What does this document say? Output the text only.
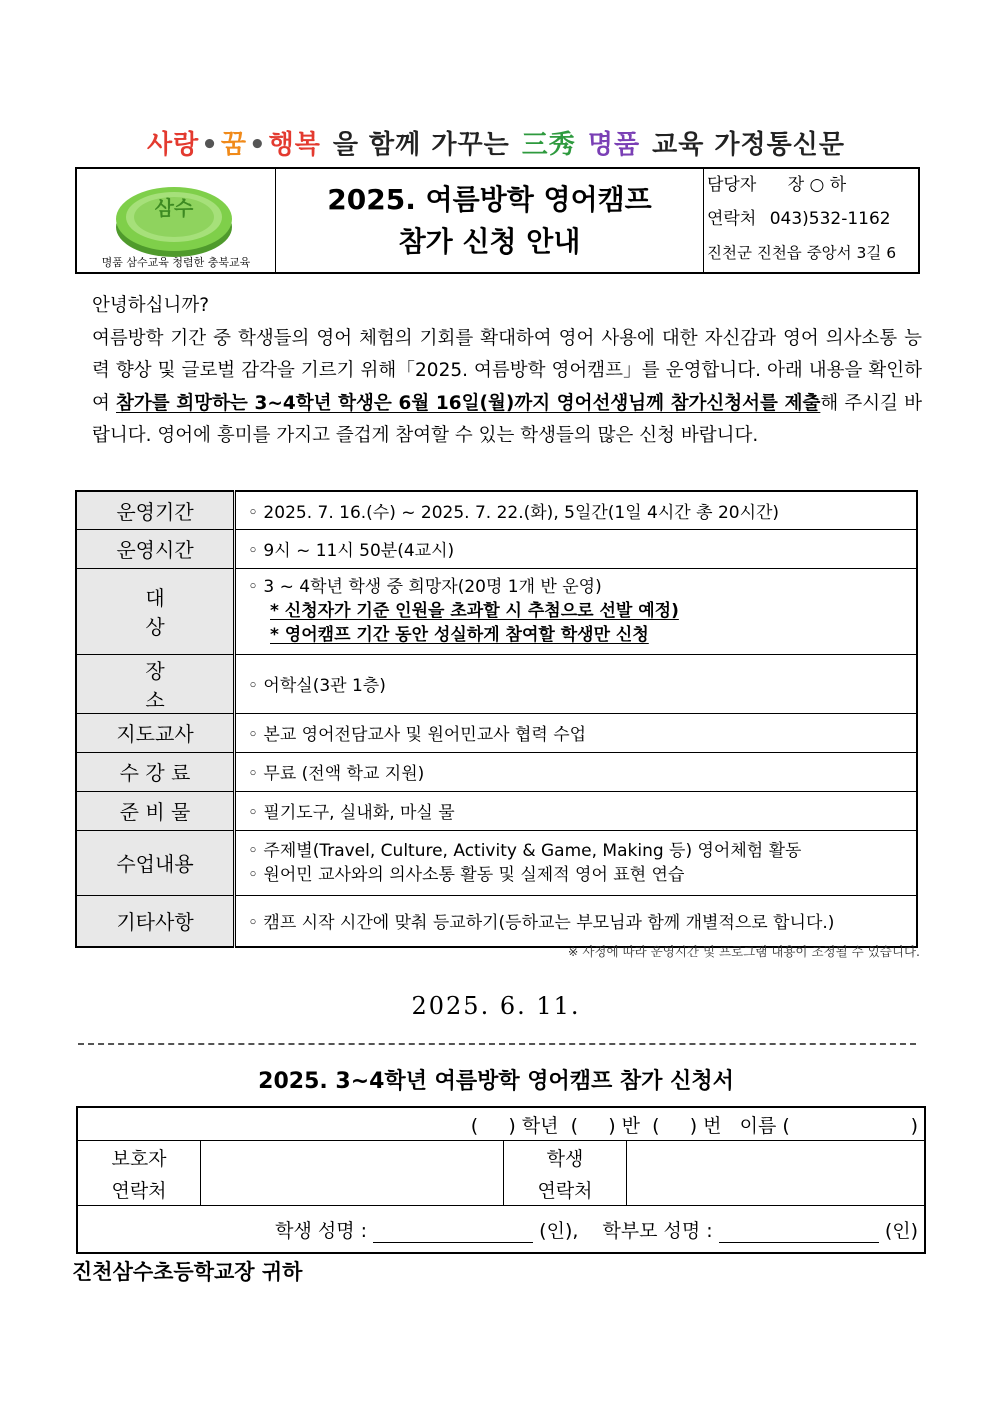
사랑•꿈•행복 을 함께 가꾸는 三秀 명품 교육 가정통신문
삼수
명품 삼수교육 청렴한 충북교육
2025. 여름방학 영어캠프
참가 신청 안내
담당자 장 ○ 하
연락처 043)532-1162
진천군 진천읍 중앙서 3길 6

안녕하십니까?

여름방학 기간 중 학생들의 영어 체험의 기회를 확대하여 영어 사용에 대한 자신감과 영어 의사소통 능력 향상 및 글로벌 감각을 기르기 위해「2025. 여름방학 영어캠프」를 운영합니다. 아래 내용을 확인하여 참가를 희망하는 3~4학년 학생은 6월 16일(월)까지 영어선생님께 참가신청서를 제출해 주시길 바랍니다. 영어에 흥미를 가지고 즐겁게 참여할 수 있는 학생들의 많은 신청 바랍니다.

운영기간	◦ 2025. 7. 16.(수) ~ 2025. 7. 22.(화), 5일간(1일 4시간 총 20시간)
운영시간	◦ 9시 ~ 11시 50분(4교시)
대 상	◦ 3 ~ 4학년 학생 중 희망자(20명 1개 반 운영)
* 신청자가 기준 인원을 초과할 시 추첨으로 선발 예정)
* 영어캠프 기간 동안 성실하게 참여할 학생만 신청

장 소	◦ 어학실(3관 1층)
지도교사	◦ 본교 영어전담교사 및 원어민교사 협력 수업
수 강 료	◦ 무료 (전액 학교 지원)
준 비 물	◦ 필기도구, 실내화, 마실 물
수업내용	◦ 주제별(Travel, Culture, Activity & Game, Making 등) 영어체험 활동
◦ 원어민 교사와의 의사소통 활동 및 실제적 영어 표현 연습

기타사항	◦ 캠프 시작 시간에 맞춰 등교하기(등하교는 부모님과 함께 개별적으로 합니다.)
※ 사정에 따라 운영시간 및 프로그램 내용이 조정될 수 있습니다.
2025. 6. 11.
2025. 3~4학년 여름방학 영어캠프 참가 신청서
(     ) 학년  (     ) 반  (     ) 번   이름 (                    )			
보호자		학생	
연락처		연락처	
학생 성명 : (인), 학부모 성명 : (인)			
진천삼수초등학교장 귀하
